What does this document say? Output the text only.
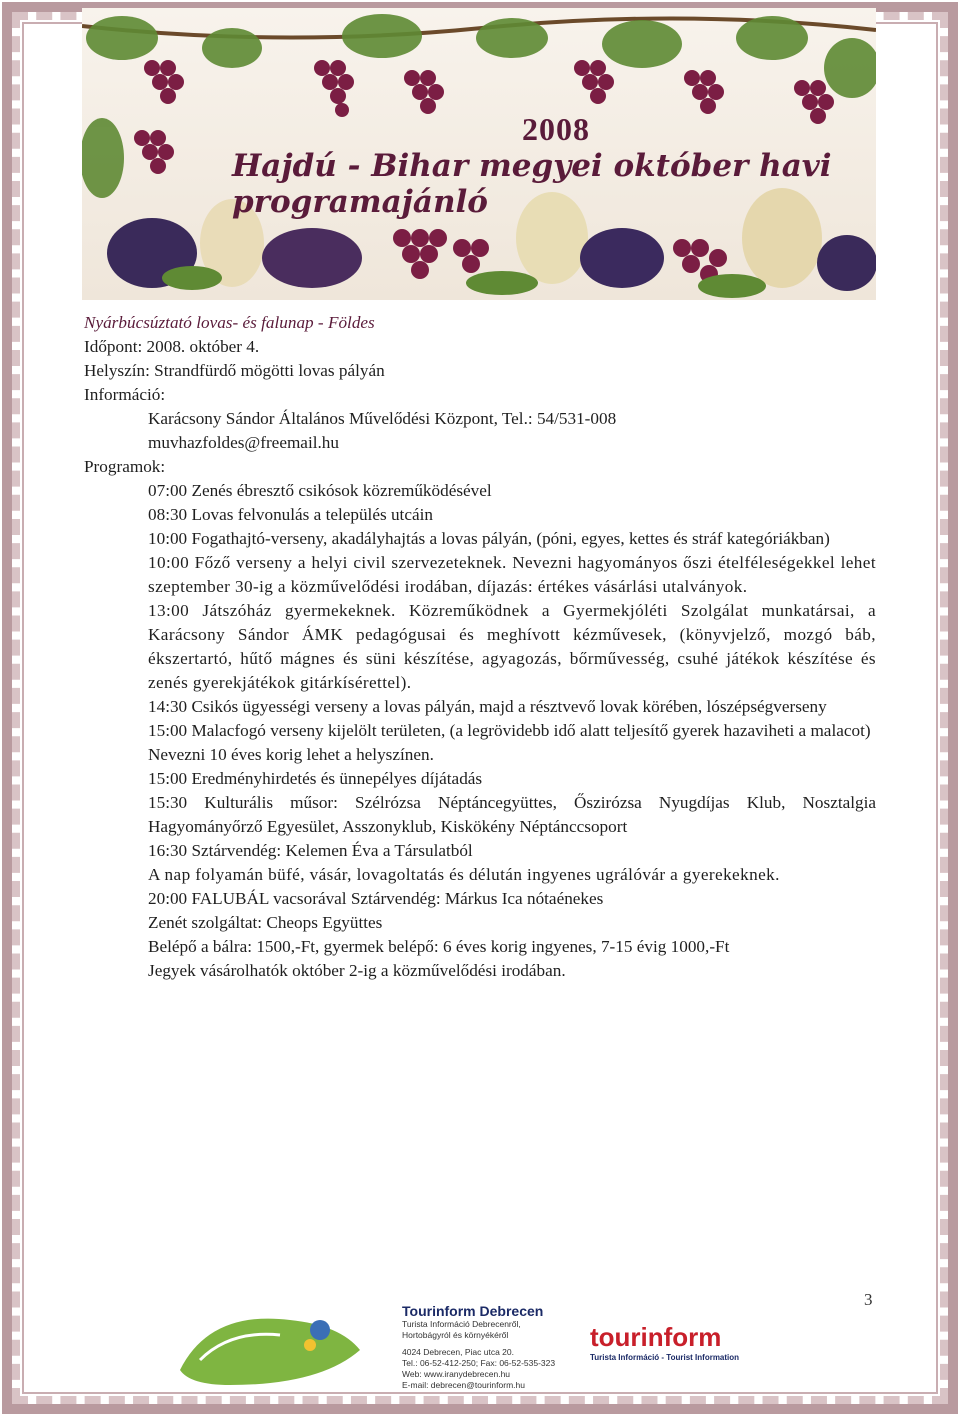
2008
Hajdú - Bihar megyei október havi programajánló

Nyárbúcsúztató lovas- és falunap - Földes

Időpont: 2008. október 4.

Helyszín: Strandfürdő mögötti lovas pályán

Információ:

Karácsony Sándor Általános Művelődési Központ, Tel.: 54/531-008

muvhazfoldes@freemail.hu

Programok:

07:00 Zenés ébresztő csikósok közreműködésével

08:30 Lovas felvonulás a település utcáin

10:00 Fogathajtó-verseny, akadályhajtás a lovas pályán, (póni, egyes, kettes és stráf kategóriákban)

10:00 Főző verseny a helyi civil szervezeteknek. Nevezni hagyományos őszi ételféleségekkel lehet szeptember 30-ig a közművelődési irodában, díjazás: értékes vásárlási utalványok.

13:00 Játszóház gyermekeknek. Közreműködnek a Gyermekjóléti Szolgálat munkatársai, a Karácsony Sándor ÁMK pedagógusai és meghívott kézművesek, (könyvjelző, mozgó báb, ékszertartó, hűtő mágnes és süni készítése, agyagozás, bőrművesség, csuhé játékok készítése és zenés gyerekjátékok gitárkísérettel).

14:30 Csikós ügyességi verseny a lovas pályán, majd a résztvevő lovak körében, lószépségverseny

15:00 Malacfogó verseny kijelölt területen, (a legrövidebb idő alatt teljesítő gyerek hazaviheti a malacot)

Nevezni 10 éves korig lehet a helyszínen.

15:00 Eredményhirdetés és ünnepélyes díjátadás

15:30 Kulturális műsor: Szélrózsa Néptáncegyüttes, Őszirózsa Nyugdíjas Klub, Nosztalgia Hagyományőrző Egyesület, Asszonyklub, Kiskökény Néptánccsoport

16:30 Sztárvendég: Kelemen Éva a Társulatból

A nap folyamán büfé, vásár, lovagoltatás és délután ingyenes ugrálóvár a gyerekeknek.

20:00 FALUBÁL vacsorával Sztárvendég: Márkus Ica nótaénekes

Zenét szolgáltat: Cheops Együttes

Belépő a bálra: 1500,-Ft, gyermek belépő: 6 éves korig ingyenes, 7-15 évig 1000,-Ft

Jegyek vásárolhatók október 2-ig a közművelődési irodában.

3
Tourinform Debrecen
Turista Információ Debrecenről,
Hortobágyról és környékéről
4024 Debrecen, Piac utca 20.
Tel.: 06-52-412-250; Fax: 06-52-535-323
Web: www.iranydebrecen.hu
E-mail: debrecen@tourinform.hu
tourinform
Turista Információ - Tourist Information
